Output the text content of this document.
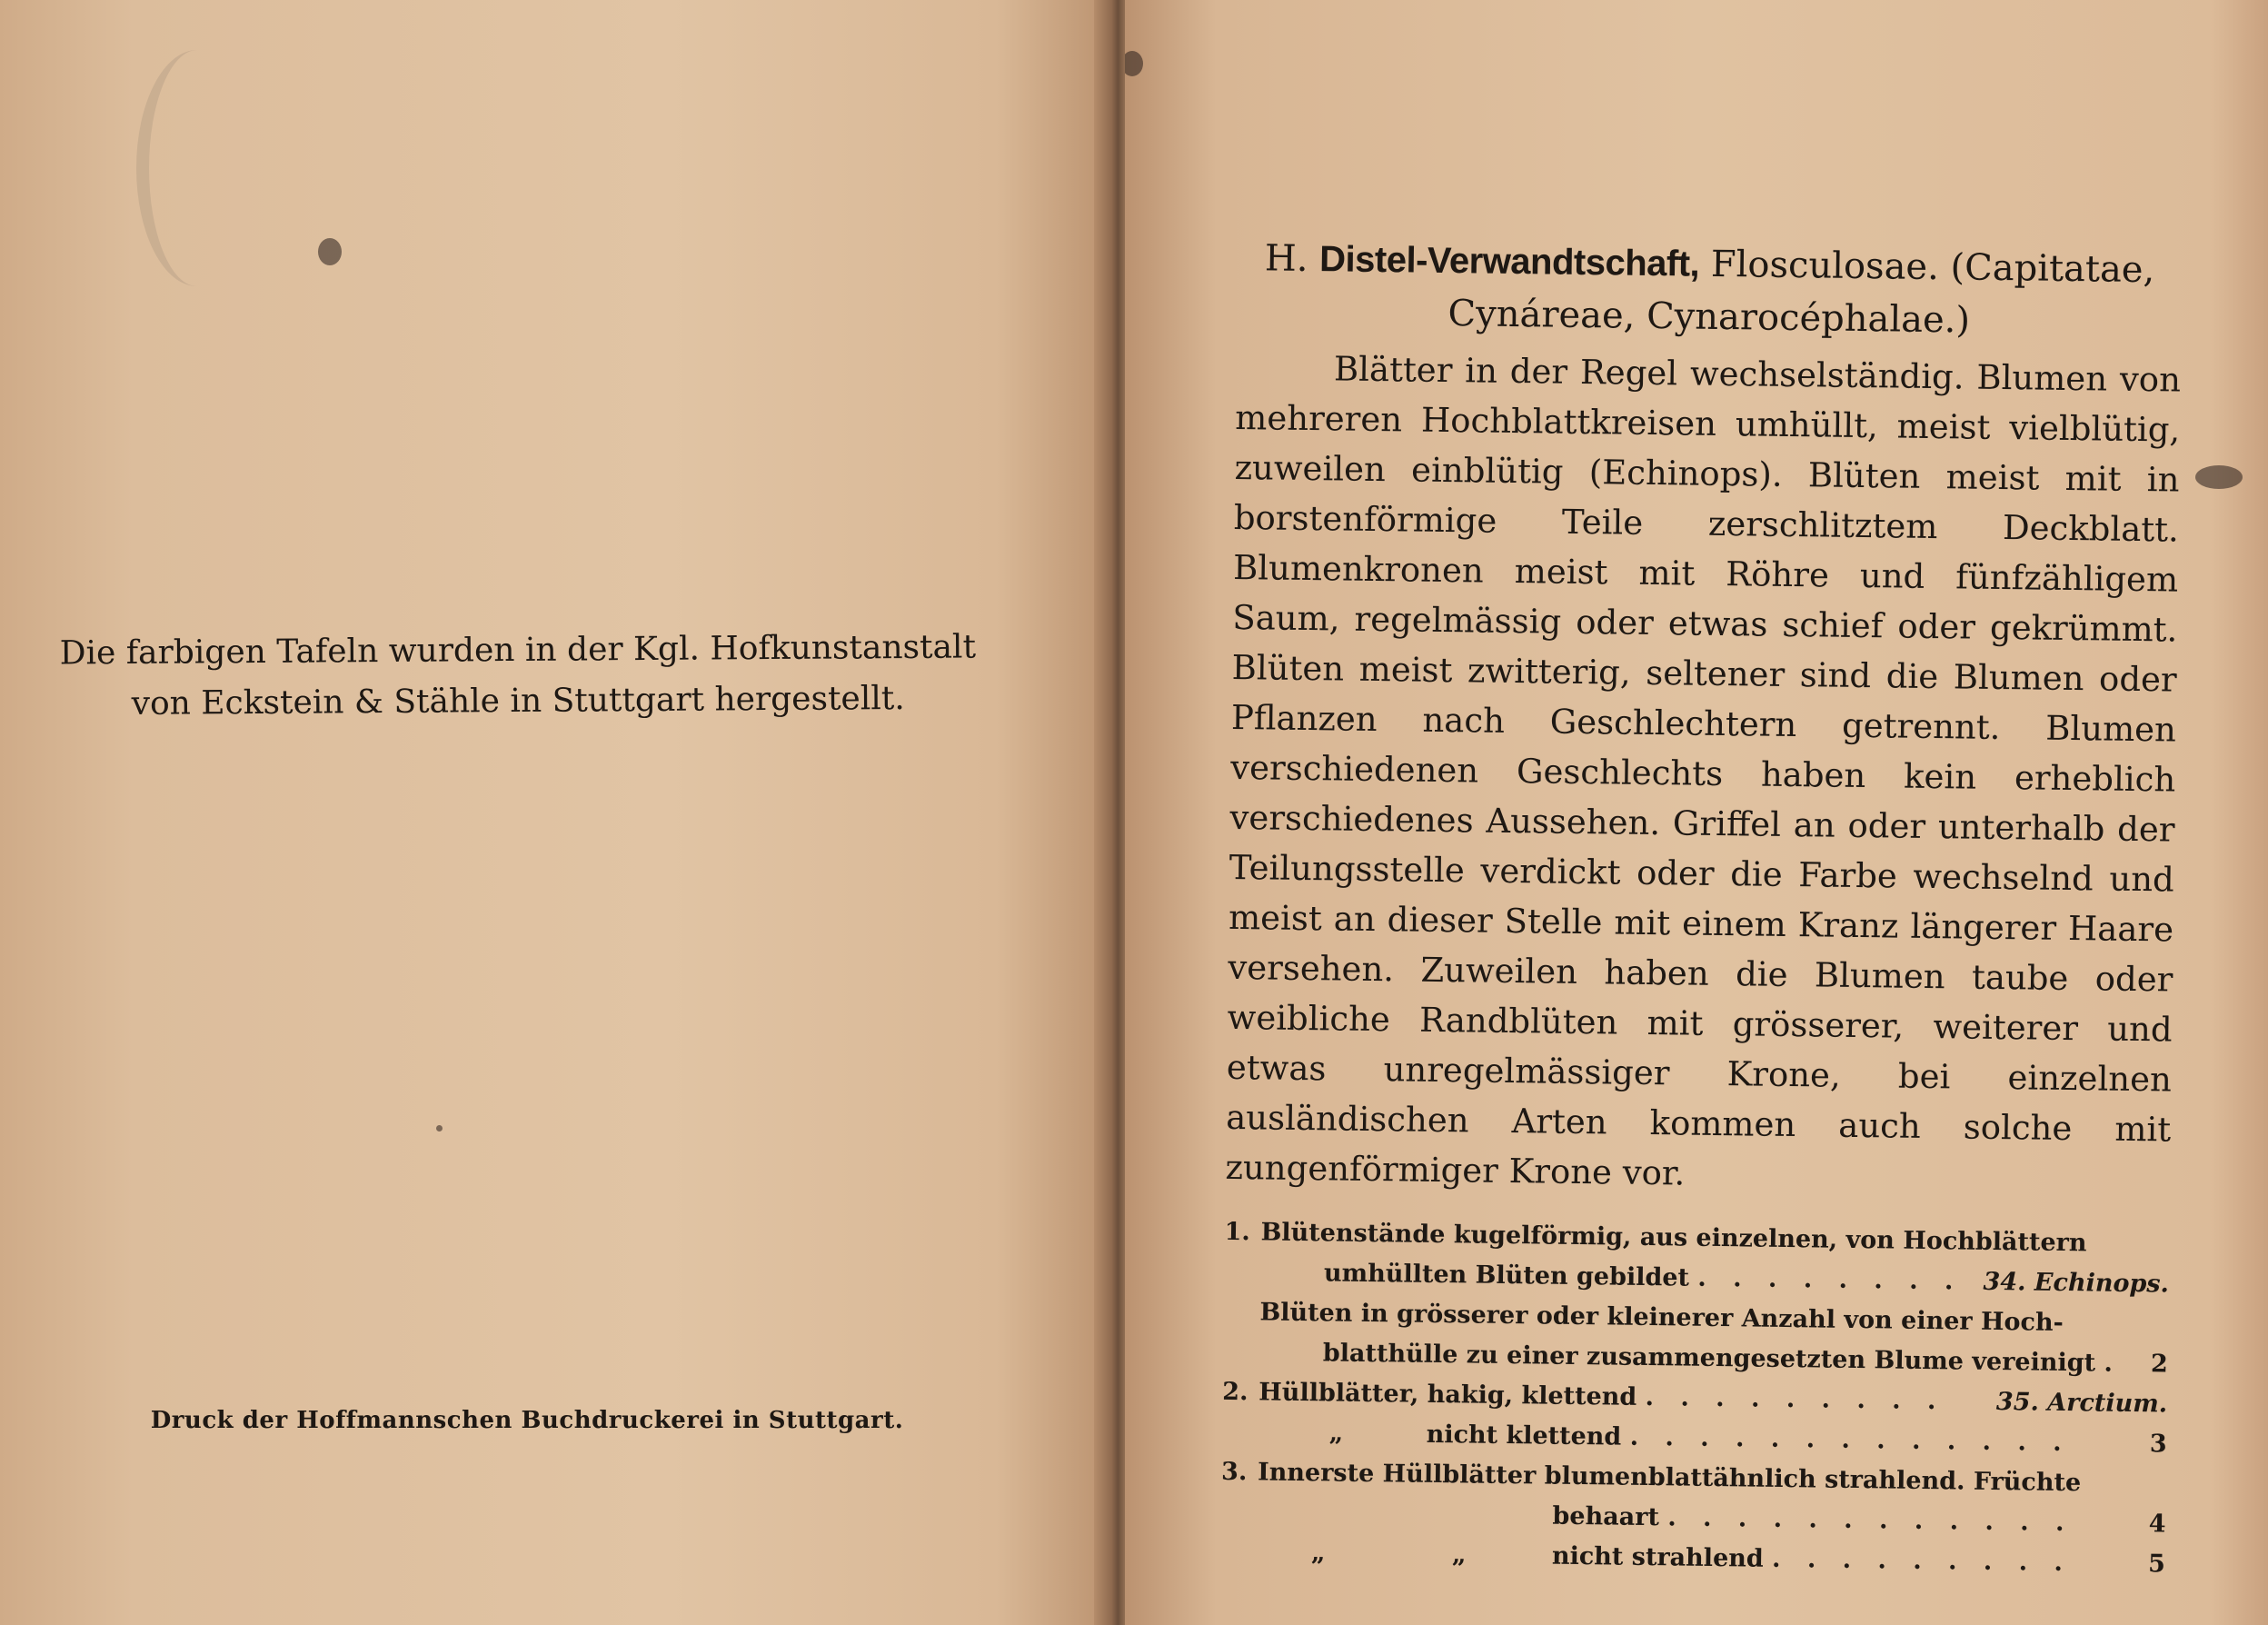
Die farbigen Tafeln wurden in der Kgl. Hofkunstanstalt
von Eckstein & Stähle in Stuttgart hergestellt.
Druck der Hoffmannschen Buchdruckerei in Stuttgart.
H. Distel-Verwandtschaft, Flosculosae. (Capitatae,
Cynáreae, Cynarocéphalae.)

Blätter in der Regel wechselständig. Blumen von mehreren Hochblattkreisen umhüllt, meist vielblütig, zuweilen einblütig (Echinops). Blüten meist mit in borstenförmige Teile zerschlitztem Deckblatt. Blumenkronen meist mit Röhre und fünfzähligem Saum, regelmässig oder etwas schief oder gekrümmt. Blüten meist zwitterig, seltener sind die Blumen oder Pflanzen nach Geschlechtern getrennt. Blumen verschiedenen Geschlechts haben kein erheblich verschiedenes Aussehen. Griffel an oder unterhalb der Teilungsstelle verdickt oder die Farbe wechselnd und meist an dieser Stelle mit einem Kranz längerer Haare versehen. Zuweilen haben die Blumen taube oder weibliche Randblüten mit grösserer, weiterer und etwas unregelmässiger Krone, bei einzelnen ausländischen Arten kommen auch solche mit zungenförmiger Krone vor.

1. Blütenstände kugelförmig, aus einzelnen, von Hochblättern
umhüllten Blüten gebildet . . . . . . . . 34. Echinops.
Blüten in grösserer oder kleinerer Anzahl von einer Hoch-
blatthülle zu einer zusammengesetzten Blume vereinigt . 2
2. Hüllblätter, hakig, klettend . . . . . . . . . 35. Arctium.
„	nicht klettend . . . . . . . . . . . . .	3
3. Innerste Hüllblätter blumenblattähnlich strahlend. Früchte
behaart . . . . . . . . . . . .	4
„	„	nicht strahlend . . . . . . . . .	5
